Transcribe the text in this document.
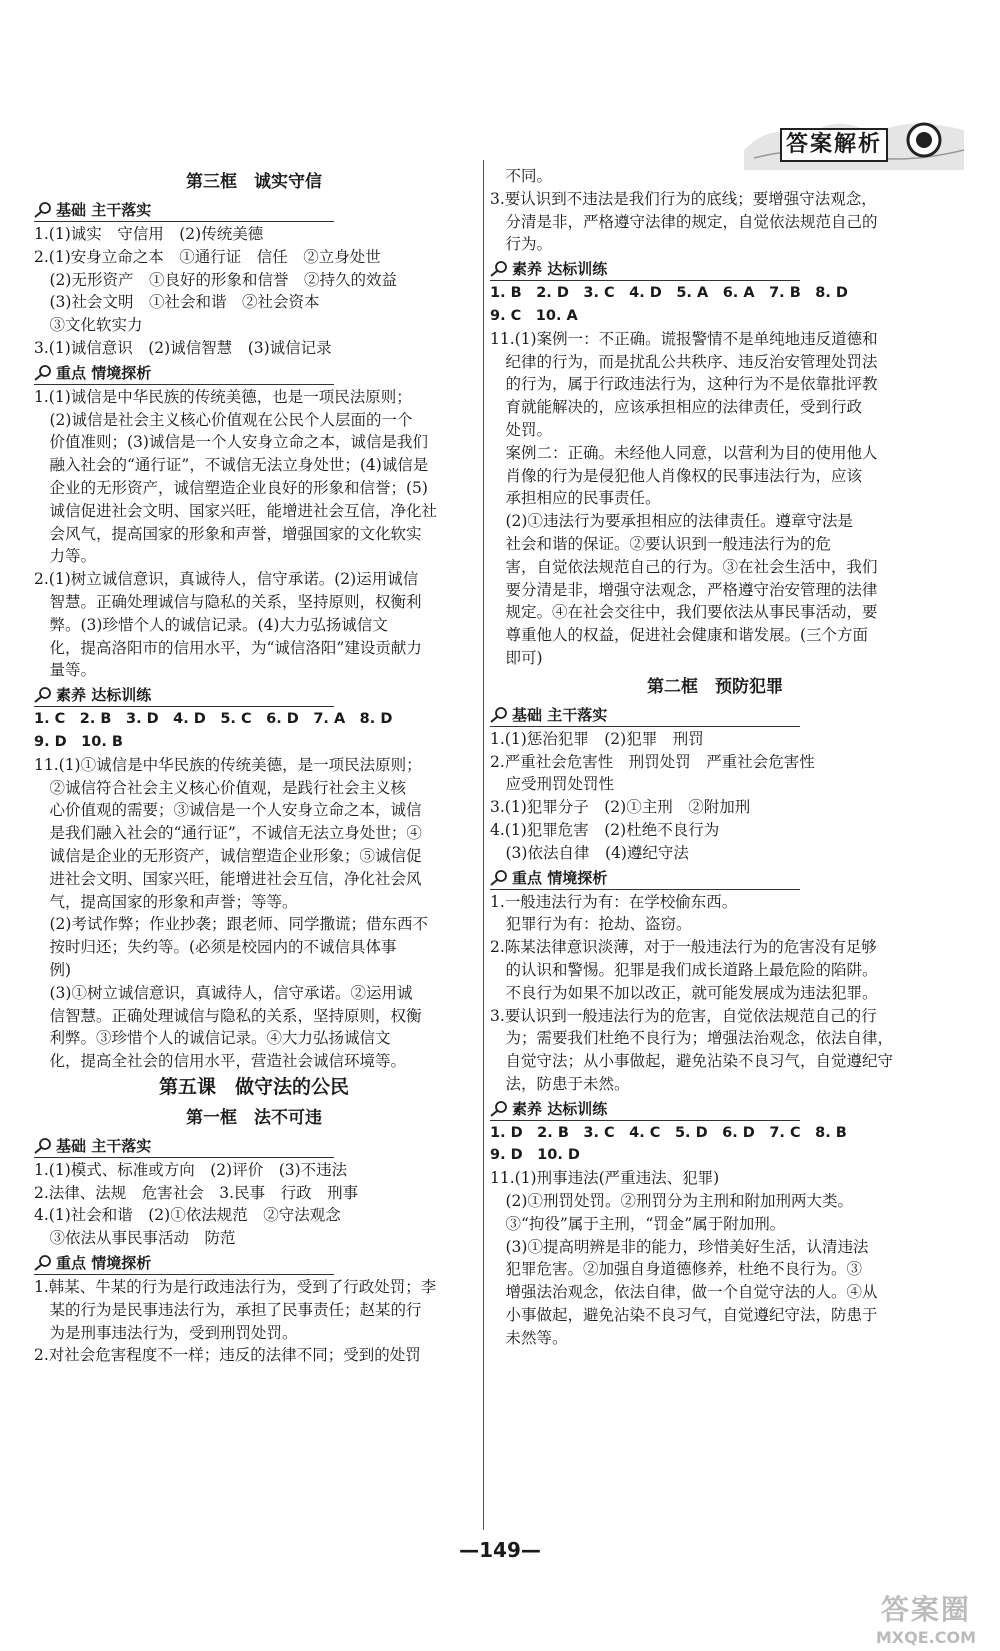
答案解析
第三框　诚实守信
基础 主干落实
1.(1)诚实　守信用　(2)传统美德
2.(1)安身立命之本　①通行证　信任　②立身处世
　(2)无形资产　①良好的形象和信誉　②持久的效益
　(3)社会文明　①社会和谐　②社会资本
　③文化软实力
3.(1)诚信意识　(2)诚信智慧　(3)诚信记录
重点 情境探析
1.(1)诚信是中华民族的传统美德，也是一项民法原则；
　(2)诚信是社会主义核心价值观在公民个人层面的一个
　价值准则；(3)诚信是一个人安身立命之本，诚信是我们
　融入社会的“通行证”，不诚信无法立身处世；(4)诚信是
　企业的无形资产，诚信塑造企业良好的形象和信誉；(5)
　诚信促进社会文明、国家兴旺，能增进社会互信，净化社
　会风气，提高国家的形象和声誉，增强国家的文化软实
　力等。
2.(1)树立诚信意识，真诚待人，信守承诺。(2)运用诚信
　智慧。正确处理诚信与隐私的关系，坚持原则，权衡利
　弊。(3)珍惜个人的诚信记录。(4)大力弘扬诚信文
　化，提高洛阳市的信用水平，为“诚信洛阳”建设贡献力
　量等。
素养 达标训练
1. C　2. B　3. D　4. D　5. C　6. D　7. A　8. D
9. D　10. B
11.(1)①诚信是中华民族的传统美德，是一项民法原则；
　②诚信符合社会主义核心价值观，是践行社会主义核
　心价值观的需要；③诚信是一个人安身立命之本，诚信
　是我们融入社会的“通行证”，不诚信无法立身处世；④
　诚信是企业的无形资产，诚信塑造企业形象；⑤诚信促
　进社会文明、国家兴旺，能增进社会互信，净化社会风
　气，提高国家的形象和声誉；等等。
　(2)考试作弊；作业抄袭；跟老师、同学撒谎；借东西不
　按时归还；失约等。(必须是校园内的不诚信具体事
　例)
　(3)①树立诚信意识，真诚待人，信守承诺。②运用诚
　信智慧。正确处理诚信与隐私的关系，坚持原则，权衡
　利弊。③珍惜个人的诚信记录。④大力弘扬诚信文
　化，提高全社会的信用水平，营造社会诚信环境等。
第五课　做守法的公民
第一框　法不可违
基础 主干落实
1.(1)模式、标准或方向　(2)评价　(3)不违法
2.法律、法规　危害社会　3.民事　行政　刑事
4.(1)社会和谐　(2)①依法规范　②守法观念
　③依法从事民事活动　防范
重点 情境探析
1.韩某、牛某的行为是行政违法行为，受到了行政处罚；李
　某的行为是民事违法行为，承担了民事责任；赵某的行
　为是刑事违法行为，受到刑罚处罚。
2.对社会危害程度不一样；违反的法律不同；受到的处罚
　不同。
3.要认识到不违法是我们行为的底线；要增强守法观念，
　分清是非，严格遵守法律的规定，自觉依法规范自己的
　行为。
素养 达标训练
1. B　2. D　3. C　4. D　5. A　6. A　7. B　8. D
9. C　10. A
11.(1)案例一：不正确。谎报警情不是单纯地违反道德和
　纪律的行为，而是扰乱公共秩序、违反治安管理处罚法
　的行为，属于行政违法行为，这种行为不是依靠批评教
　育就能解决的，应该承担相应的法律责任，受到行政
　处罚。
　案例二：正确。未经他人同意，以营利为目的使用他人
　肖像的行为是侵犯他人肖像权的民事违法行为，应该
　承担相应的民事责任。
　(2)①违法行为要承担相应的法律责任。遵章守法是
　社会和谐的保证。②要认识到一般违法行为的危
　害，自觉依法规范自己的行为。③在社会生活中，我们
　要分清是非，增强守法观念，严格遵守治安管理的法律
　规定。④在社会交往中，我们要依法从事民事活动，要
　尊重他人的权益，促进社会健康和谐发展。(三个方面
　即可)
第二框　预防犯罪
基础 主干落实
1.(1)惩治犯罪　(2)犯罪　刑罚
2.严重社会危害性　刑罚处罚　严重社会危害性
　应受刑罚处罚性
3.(1)犯罪分子　(2)①主刑　②附加刑
4.(1)犯罪危害　(2)杜绝不良行为
　(3)依法自律　(4)遵纪守法
重点 情境探析
1.一般违法行为有：在学校偷东西。
　犯罪行为有：抢劫、盗窃。
2.陈某法律意识淡薄，对于一般违法行为的危害没有足够
　的认识和警惕。犯罪是我们成长道路上最危险的陷阱。
　不良行为如果不加以改正，就可能发展成为违法犯罪。
3.要认识到一般违法行为的危害，自觉依法规范自己的行
　为；需要我们杜绝不良行为；增强法治观念，依法自律，
　自觉守法；从小事做起，避免沾染不良习气，自觉遵纪守
　法，防患于未然。
素养 达标训练
1. D　2. B　3. C　4. C　5. D　6. D　7. C　8. B
9. D　10. D
11.(1)刑事违法(严重违法、犯罪)
　(2)①刑罚处罚。②刑罚分为主刑和附加刑两大类。
　③“拘役”属于主刑，“罚金”属于附加刑。
　(3)①提高明辨是非的能力，珍惜美好生活，认清违法
　犯罪危害。②加强自身道德修养，杜绝不良行为。③
　增强法治观念，依法自律，做一个自觉守法的人。④从
　小事做起，避免沾染不良习气，自觉遵纪守法，防患于
　未然等。
—149—
答案圈
MXQE.COM
